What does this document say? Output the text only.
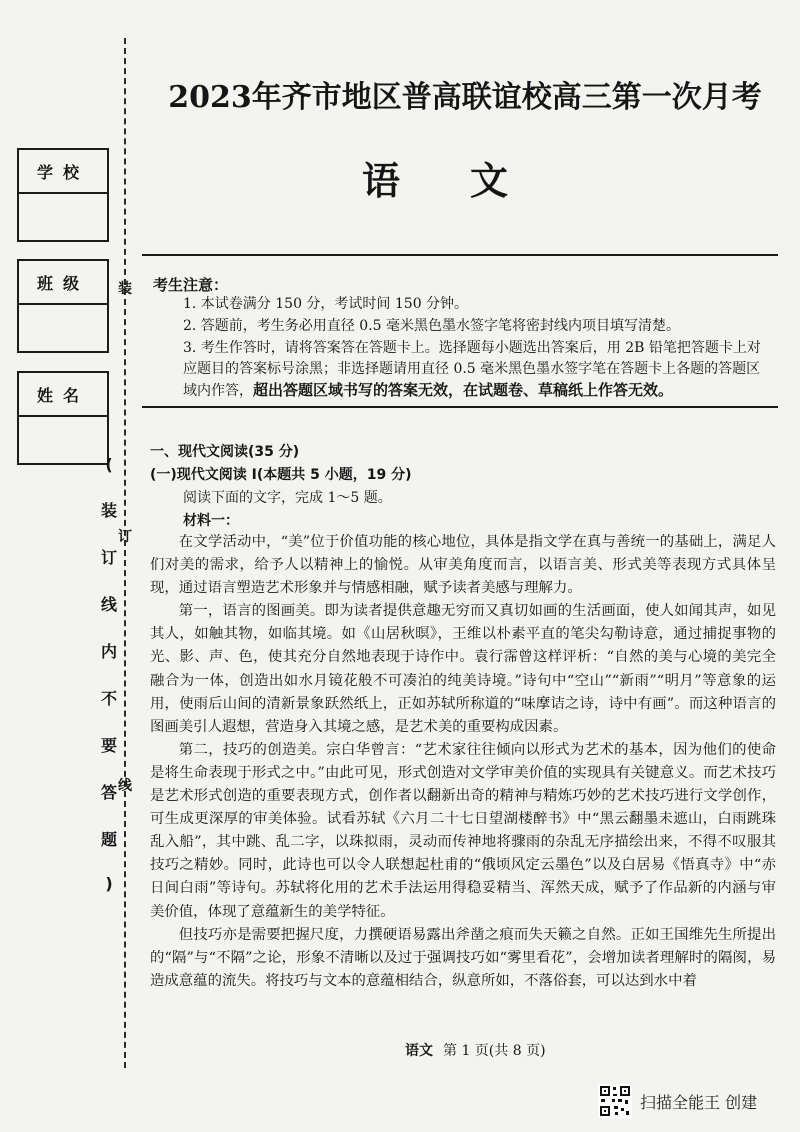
学校
班级
姓名
装
订
线
(
装
订
线
内
不
要
答
题
)
2023年齐市地区普高联谊校高三第一次月考
语文
考生注意：
1. 本试卷满分 150 分，考试时间 150 分钟。
2. 答题前，考生务必用直径 0.5 毫米黑色墨水签字笔将密封线内项目填写清楚。
3. 考生作答时，请将答案答在答题卡上。选择题每小题选出答案后，用 2B 铅笔把答题卡上对应题目的答案标号涂黑；非选择题请用直径 0.5 毫米黑色墨水签字笔在答题卡上各题的答题区域内作答，超出答题区域书写的答案无效，在试题卷、草稿纸上作答无效。
一、现代文阅读(35 分)
(一)现代文阅读 Ⅰ(本题共 5 小题，19 分)
阅读下面的文字，完成 1～5 题。
材料一：

在文学活动中，“美”位于价值功能的核心地位，具体是指文学在真与善统一的基础上，满足人们对美的需求，给予人以精神上的愉悦。从审美角度而言，以语言美、形式美等表现方式具体呈现，通过语言塑造艺术形象并与情感相融，赋予读者美感与理解力。

第一，语言的图画美。即为读者提供意趣无穷而又真切如画的生活画面，使人如闻其声，如见其人，如触其物，如临其境。如《山居秋暝》，王维以朴素平直的笔尖勾勒诗意，通过捕捉事物的光、影、声、色，使其充分自然地表现于诗作中。袁行霈曾这样评析：“自然的美与心境的美完全融合为一体，创造出如水月镜花般不可凑泊的纯美诗境。”诗句中“空山”“新雨”“明月”等意象的运用，使雨后山间的清新景象跃然纸上，正如苏轼所称道的“味摩诘之诗，诗中有画”。而这种语言的图画美引人遐想，营造身入其境之感，是艺术美的重要构成因素。

第二，技巧的创造美。宗白华曾言：“艺术家往往倾向以形式为艺术的基本，因为他们的使命是将生命表现于形式之中。”由此可见，形式创造对文学审美价值的实现具有关键意义。而艺术技巧是艺术形式创造的重要表现方式，创作者以翻新出奇的精神与精炼巧妙的艺术技巧进行文学创作，可生成更深厚的审美体验。试看苏轼《六月二十七日望湖楼醉书》中“黑云翻墨未遮山，白雨跳珠乱入船”，其中跳、乱二字，以珠拟雨，灵动而传神地将骤雨的杂乱无序描绘出来，不得不叹服其技巧之精妙。同时，此诗也可以令人联想起杜甫的“俄顷风定云墨色”以及白居易《悟真寺》中“赤日间白雨”等诗句。苏轼将化用的艺术手法运用得稳妥精当、浑然天成，赋予了作品新的内涵与审美价值，体现了意蕴新生的美学特征。

但技巧亦是需要把握尺度，力撰硬语易露出斧凿之痕而失天籁之自然。正如王国维先生所提出的“隔”与“不隔”之论，形象不清晰以及过于强调技巧如“雾里看花”，会增加读者理解时的隔阂，易造成意蕴的流失。将技巧与文本的意蕴相结合，纵意所如，不落俗套，可以达到水中着

语文 第 1 页(共 8 页)
扫描全能王 创建
